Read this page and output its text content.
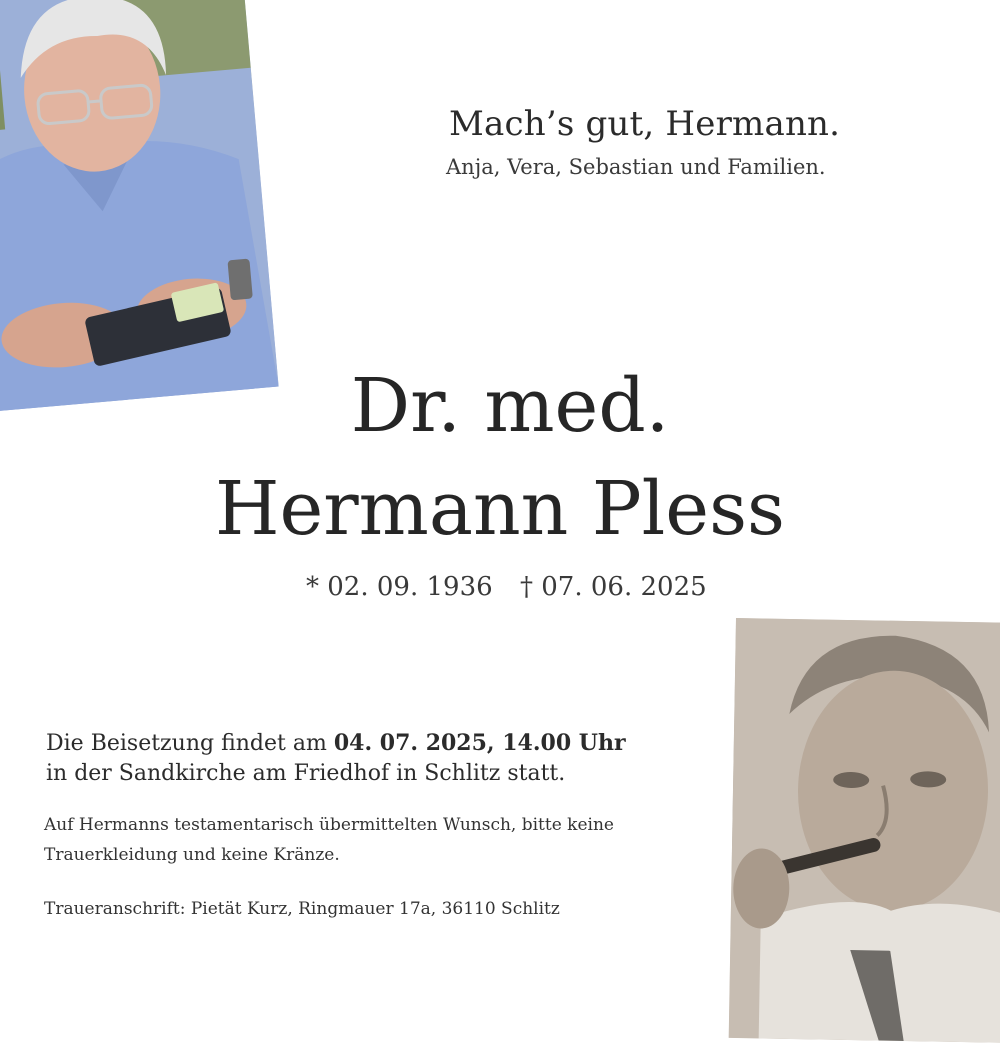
Mach’s gut, Hermann.
Anja, Vera, Sebastian und Familien.
Dr. med.
Hermann Pless
* 02. 09. 1936 † 07. 06. 2025
Die Beisetzung findet am 04. 07. 2025, 14.00 Uhr
in der Sandkirche am Friedhof in Schlitz statt.
Auf Hermanns testamentarisch übermittelten Wunsch, bitte keine
Trauerkleidung und keine Kränze.
Traueranschrift: Pietät Kurz, Ringmauer 17a, 36110 Schlitz
